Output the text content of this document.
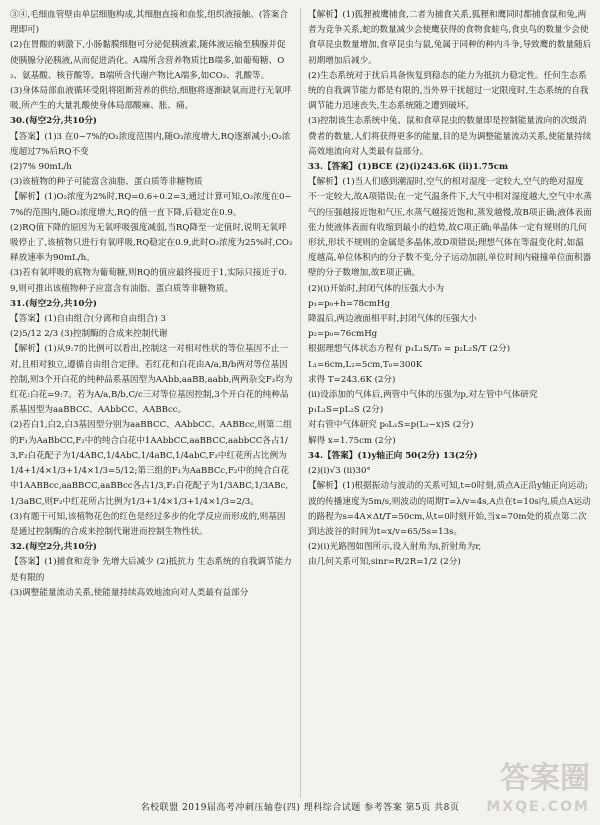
③④,毛细血管壁由单层细胞构成,其细胞直接和血浆,组织液接触。(答案合理即可)

(2)在胃酸的刺激下,小肠黏膜细胞可分泌促胰液素,随体液运输至胰腺并促使胰腺分泌胰液,从而促进消化。A端所含营养物质比B端多,如葡萄糖、O₂、氨基酸、核苷酸等。B端所含代谢产物比A端多,如CO₂、乳酸等。

(3)身体局部血液循环受阻将阻断营养的供给,细胞将逐渐缺氧而进行无氧呼吸,所产生的大量乳酸使身体局部酸麻、胀、痛。

30.(每空2分,共10分)

【答案】(1)3 在0~7%的O₂浓度范围内,随O₂浓度增大,RQ逐渐减小;O₂浓度超过7%后RQ不变

(2)7% 90mL/h

(3)该植物的种子可能富含油脂、蛋白质等非糖物质

【解析】(1)O₂浓度为2%时,RQ=0.6÷0.2=3,通过计算可知,O₂浓度在0~7%的范围内,随O₂浓度增大,RQ的值一直下降,后稳定在0.9。

(2)RQ值下降的原因为无氧呼吸强度减弱,当RQ降至一定值时,说明无氧呼吸停止了,该植物只进行有氧呼吸,RQ稳定在0.9,此时O₂浓度为25%时,CO₂释放速率为90mL/h。

(3)若有氧呼吸的底物为葡萄糖,则RQ的值应最终接近于1,实际只接近于0.9,则可推出该植物种子应富含有油脂、蛋白质等非糖物质。

31.(每空2分,共10分)

【答案】(1)自由组合(分离和自由组合) 3

(2)5/12 2/3 (3)控制酶的合成来控制代谢

【解析】(1)从9:7的比例可以看出,控制这一对相对性状的等位基因不止一对,且相对独立,遵循自由组合定律。若红花和白花由A/a,B/b两对等位基因控制,则3个开白花的纯种品系基因型为AAbb,aaBB,aabb,两两杂交F₂均为红花:白花=9:7。若为A/a,B/b,C/c三对等位基因控制,3个开白花的纯种品系基因型为aaBBCC、AAbbCC、AABBcc。

(2)若白1,白2,白3基因型分别为aaBBCC、AAbbCC、AABBcc,则第二组的F₁为AaBbCC,F₂中的纯合白花中1AAbbCC,aaBBCC,aabbCC各占1/3,F₂白花配子为1/4ABC,1/4AbC,1/4aBC,1/4abC,F₂中红花所占比例为1/4+1/4×1/3+1/4×1/3=5/12;第三组的F₁为AaBBCc,F₂中的纯合白花中1AABBcc,aaBBCC,aaBBcc各占1/3,F₂白花配子为1/3ABC,1/3ABc,1/3aBC,则F₂中红花所占比例为1/3+1/4×1/3+1/4×1/3=2/3。

(3)有题干可知,该植物花色的红色是经过多步的化学反应而形成的,则基因是通过控制酶的合成来控制代谢进而控制生物性状。

32.(每空2分,共10分)

【答案】(1)捕食和竞争 先增大后减少 (2)抵抗力 生态系统的自我调节能力是有限的

(3)调整能量流动关系,使能量持续高效地流向对人类最有益部分

【解析】(1)狐狸被鹰捕食,二者为捕食关系,狐狸和鹰同时都捕食鼠和兔,两者为竞争关系,蛇的数量减少会使鹰获得的食物食蛙鸟,食虫鸟的数量少会使食草昆虫数量增加,食草昆虫与鼠,兔属于同种的种内斗争,导致鹰的数量随后初期增加后减少。

(2)生态系统对于扰后具备恢复到稳态的能力为抵抗力稳定性。任何生态系统的自我调节能力都是有限的,当外界干扰超过一定限度时,生态系统的自我调节能力迅速丧失,生态系统随之遭到破坏。

(3)控制该生态系统中兔、鼠和食草昆虫的数量即是控制能量流向的次级消费者的数量,人们将获得更多的能量,目的是为调整能量流动关系,使能量持续高效地流向对人类最有益部分。

33.【答案】(1)BCE (2)(i)243.6K (ii)1.75cm

【解析】(1)当人们感到潮湿时,空气的相对湿度一定较大,空气的绝对湿度不一定较大,故A项错误;在一定气温条件下,大气中相对湿度越大,空气中水蒸气的压强越接近饱和气压,水蒸气越接近饱和,蒸发越慢,故B项正确;液体表面张力使液体表面有收缩到最小的趋势,故C项正确;单晶体一定有规则的几何形状,形状不规则的金属是多晶体,故D项错误;理想气体在等温变化时,如温度越高,单位体积内的分子数不变,分子运动加剧,单位时间内碰撞单位面积器壁的分子数增加,故E项正确。

(2)(i)开始时,封闭气体的压强大小为

p₁=p₀+h=78cmHg

降温后,两边液面相平时,封闭气体的压强大小

p₂=p₀=76cmHg

根据理想气体状态方程有 p₁L₁S/T₀ = p₂L₂S/T (2分)

L₁=6cm,L₂=5cm,T₀=300K

求得 T=243.6K (2分)

(ii)设添加的气体后,两管中气体的压强为p,对左管中气体研究

p₁L₁S=pL₂S (2分)

对右管中气体研究 p₀L₁S=p(L₂−x)S (2分)

解得 x=1.75cm (2分)

34.【答案】(1)y轴正向 50(2分) 13(2分)

(2)(i)√3 (ii)30°

【解析】(1)根据振动与波动的关系可知,t=0时刻,质点A正沿y轴正向运动;波的传播速度为5m/s,则波动的周期T=λ/v=4s,A点在t=10s内,质点A运动的路程为s=4A×Δt/T=50cm,从t=0时刻开始,当x=70m处的质点第二次到达波谷的时间为t=x/v=65/5s=13s。

(2)(i)光路图如图所示,设入射角为i,折射角为r,

由几何关系可知,sinr=R/2R=1/2 (2分)

名校联盟 2019届高考冲刺压轴卷(四) 理科综合试题 参考答案 第5页 共8页
答案圈
MXQE.COM
